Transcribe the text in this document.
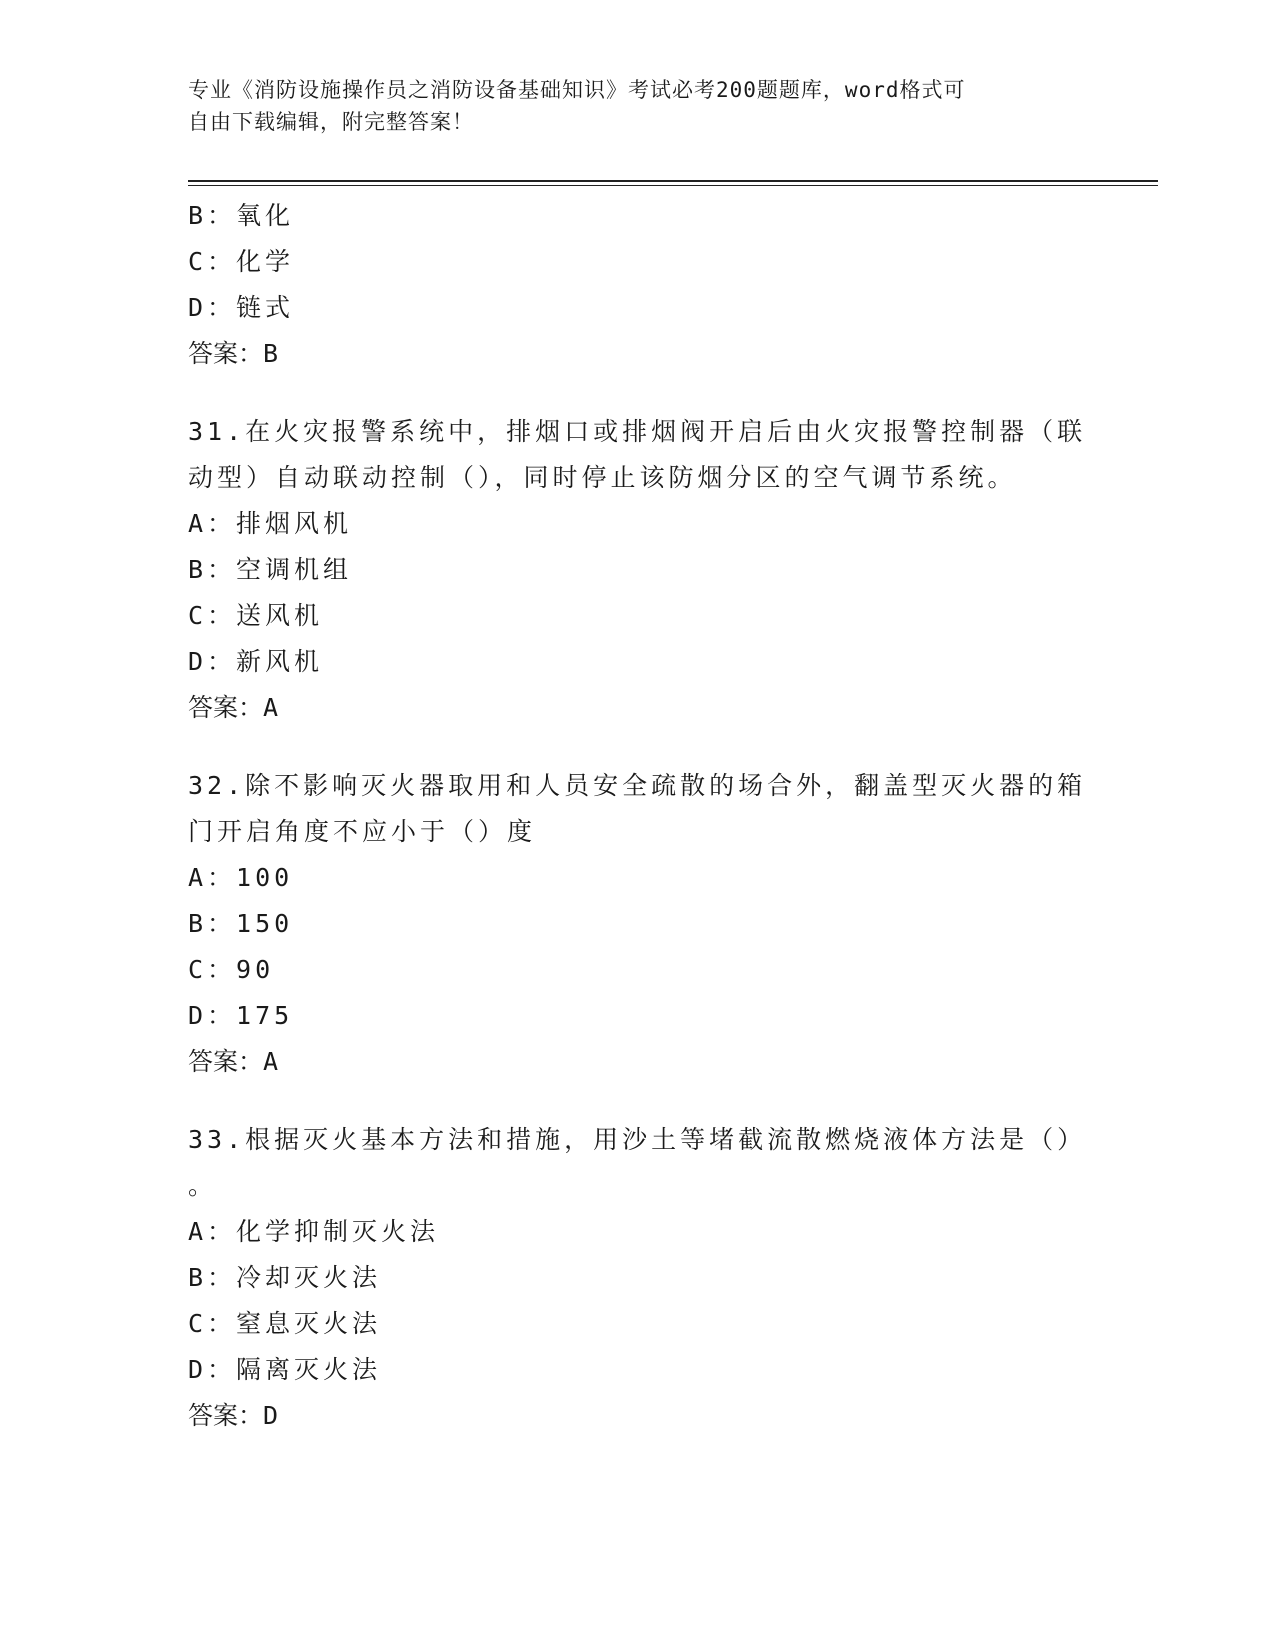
专业《消防设施操作员之消防设备基础知识》考试必考200题题库，word格式可
自由下载编辑，附完整答案！
B：氧化
C：化学
D：链式
答案：B
31.在火灾报警系统中，排烟口或排烟阀开启后由火灾报警控制器（联
动型）自动联动控制（），同时停止该防烟分区的空气调节系统。
A：排烟风机
B：空调机组
C：送风机
D：新风机
答案：A
32.除不影响灭火器取用和人员安全疏散的场合外，翻盖型灭火器的箱
门开启角度不应小于（）度
A：100
B：150
C：90
D：175
答案：A
33.根据灭火基本方法和措施，用沙土等堵截流散燃烧液体方法是（）
。
A：化学抑制灭火法
B：冷却灭火法
C：窒息灭火法
D：隔离灭火法
答案：D
